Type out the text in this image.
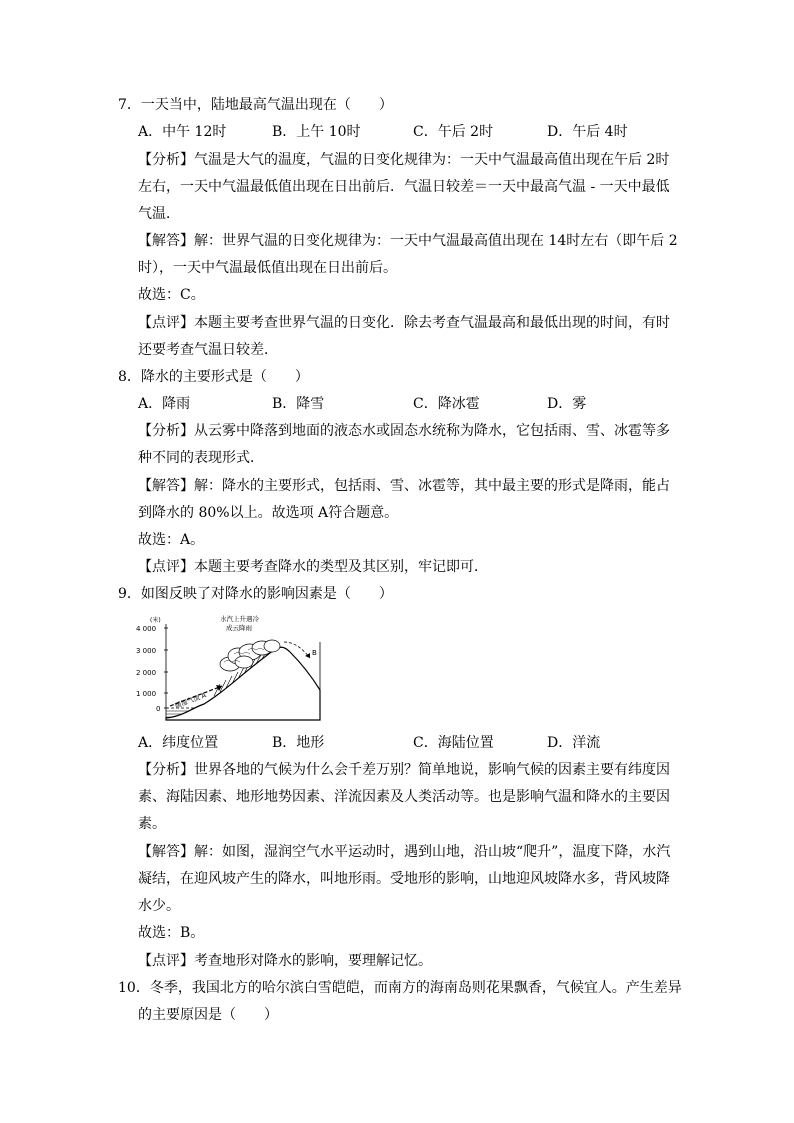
7．一天当中，陆地最高气温出现在（　　）
A．中午 12时	B．上午 10时	C．午后 2时	D．午后 4时
【分析】气温是大气的温度，气温的日变化规律为：一天中气温最高值出现在午后 2时
左右，一天中气温最低值出现在日出前后．气温日较差＝一天中最高气温 - 一天中最低
气温．
【解答】解：世界气温的日变化规律为：一天中气温最高值出现在 14时左右（即午后 2
时），一天中气温最低值出现在日出前后。
故选：C。
【点评】本题主要考查世界气温的日变化．除去考查气温最高和最低出现的时间，有时
还要考查气温日较差．
8．降水的主要形式是（　　）
A．降雨	B．降雪	C．降冰雹	D．雾
【分析】从云雾中降落到地面的液态水或固态水统称为降水，它包括雨、雪、冰雹等多
种不同的表现形式．
【解答】解：降水的主要形式，包括雨、雪、冰雹等，其中最主要的形式是降雨，能占
到降水的 80%以上。故选项 A符合题意。
故选：A。
【点评】本题主要考查降水的类型及其区别，牢记即可．
9．如图反映了对降水的影响因素是（　　）
(米)
4 000
3 000
2 000
1 000
0
水汽上升遇冷
成云降雨
暖湿气流 A
B
A．纬度位置	B．地形	C．海陆位置	D．洋流
【分析】世界各地的气候为什么会千差万别？简单地说，影响气候的因素主要有纬度因
素、海陆因素、地形地势因素、洋流因素及人类活动等。也是影响气温和降水的主要因
素。
【解答】解：如图，湿润空气水平运动时，遇到山地，沿山坡“爬升”，温度下降，水汽
凝结，在迎风坡产生的降水，叫地形雨。受地形的影响，山地迎风坡降水多，背风坡降
水少。
故选：B。
【点评】考查地形对降水的影响，要理解记忆。
10．冬季，我国北方的哈尔滨白雪皑皑，而南方的海南岛则花果飘香，气候宜人。产生差异
的主要原因是（　　）
